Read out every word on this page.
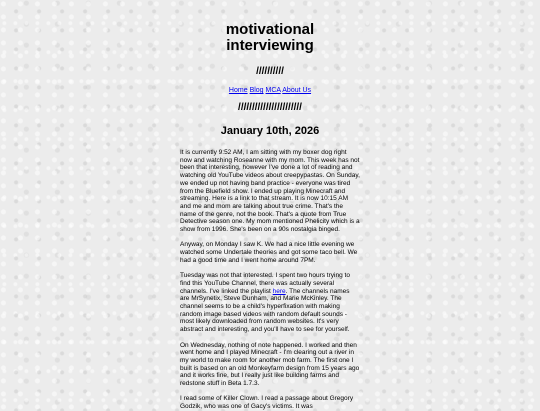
motivational
interviewing
//////////
Home Blog MCA About Us
///////////////////////
January 10th, 2026

It is currently 9:52 AM, I am sitting with my boxer dog right now and watching Roseanne with my mom. This week has not been that interesting, however I've done a lot of reading and watching old YouTube videos about creepypastas. On Sunday, we ended up not having band practice - everyone was tired from the Bluefield show. I ended up playing Minecraft and streaming. Here is a link to that stream. It is now 10:15 AM and me and mom are talking about true crime. That's the name of the genre, not the book. That's a quote from True Detective season one. My mom mentioned Phelicity which is a show from 1996. She's been on a 90s nostalgia binged.

Anyway, on Monday I saw K. We had a nice little evening we watched some Undertale theories and got some taco bell. We had a good time and I went home around 7PM.

Tuesday was not that interested. I spent two hours trying to find this YouTube Channel, there was actually several channels. I've linked the playlist here. The channels names are MrSynetix, Steve Dunham, and Marie McKinley. The channel seems to be a child's hyperfixation with making random image based videos with random default sounds - most likely downloaded from random websites. It's very abstract and interesting, and you'll have to see for yourself.

On Wednesday, nothing of note happened. I worked and then went home and I played Minecraft - I'm clearing out a river in my world to make room for another mob farm. The first one I built is based on an old Monkeyfarm design from 15 years ago and it works fine, but I really just like building farms and redstone stuff in Beta 1.7.3.

I read some of Killer Clown. I read a passage about Gregory Godzik, who was one of Gacy's victims. It was
